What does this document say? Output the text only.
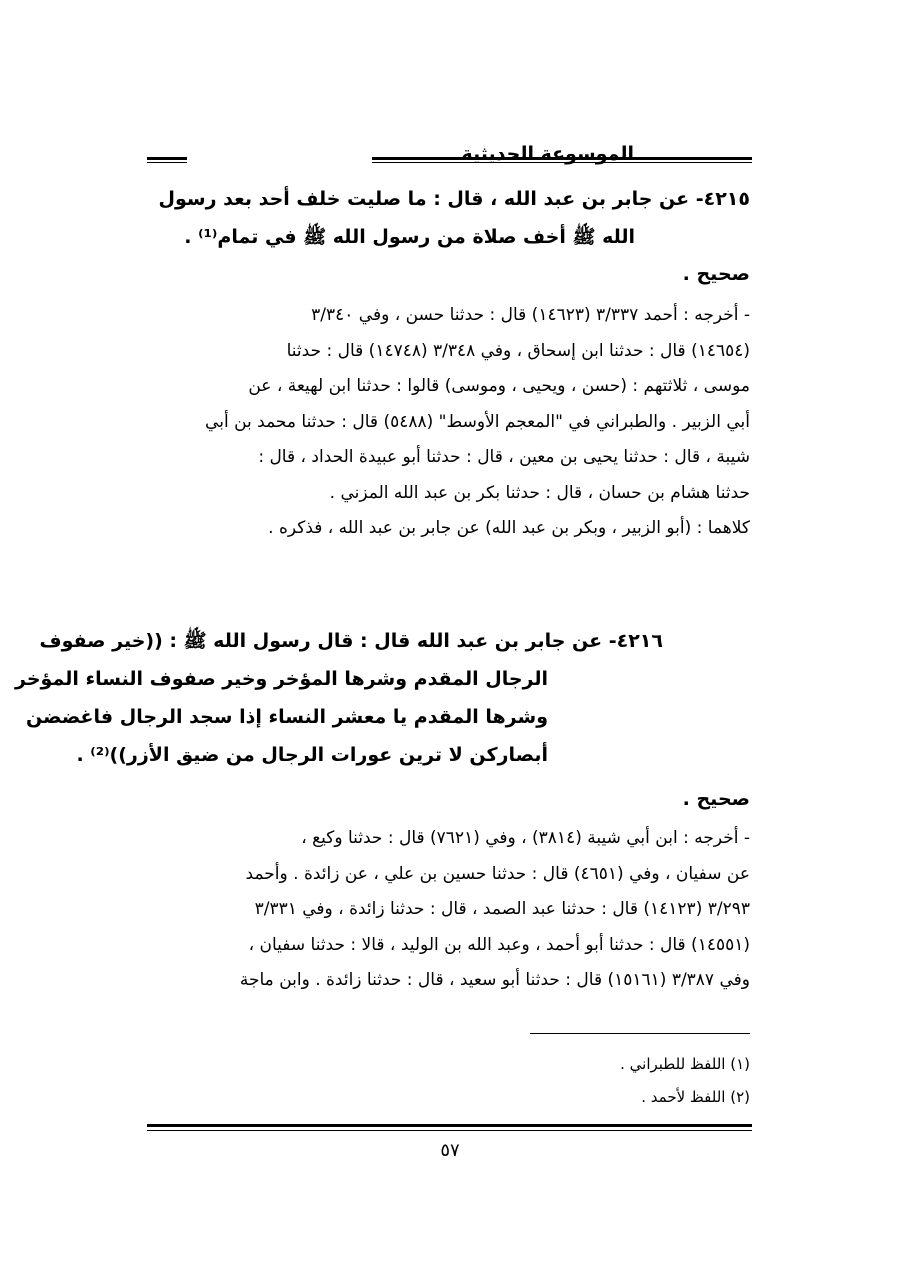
الموسوعة الحديثية
٤٢١٥- عن جابر بن عبد الله ، قال : ما صليت خلف أحد بعد رسول
الله ﷺ أخف صلاة من رسول الله ﷺ في تمام⁽¹⁾ .
صحيح .
- أخرجه : أحمد ٣/٣٣٧ (١٤٦٢٣) قال : حدثنا حسن ، وفي ٣/٣٤٠
(١٤٦٥٤) قال : حدثنا ابن إسحاق ، وفي ٣/٣٤٨ (١٤٧٤٨) قال : حدثنا
موسى ، ثلاثتهم : (حسن ، ويحيى ، وموسى) قالوا : حدثنا ابن لهيعة ، عن
أبي الزبير . والطبراني في "المعجم الأوسط" (٥٤٨٨) قال : حدثنا محمد بن أبي
شيبة ، قال : حدثنا يحيى بن معين ، قال : حدثنا أبو عبيدة الحداد ، قال :
حدثنا هشام بن حسان ، قال : حدثنا بكر بن عبد الله المزني .
كلاهما : (أبو الزبير ، وبكر بن عبد الله) عن جابر بن عبد الله ، فذكره .
٤٢١٦- عن جابر بن عبد الله قال : قال رسول الله ﷺ : ((خير صفوف
الرجال المقدم وشرها المؤخر وخير صفوف النساء المؤخر
وشرها المقدم يا معشر النساء إذا سجد الرجال فاغضضن
أبصاركن لا ترين عورات الرجال من ضيق الأزر))⁽²⁾ .
صحيح .
- أخرجه : ابن أبي شيبة (٣٨١٤) ، وفي (٧٦٢١) قال : حدثنا وكيع ،
عن سفيان ، وفي (٤٦٥١) قال : حدثنا حسين بن علي ، عن زائدة . وأحمد
٣/٢٩٣ (١٤١٢٣) قال : حدثنا عبد الصمد ، قال : حدثنا زائدة ، وفي ٣/٣٣١
(١٤٥٥١) قال : حدثنا أبو أحمد ، وعبد الله بن الوليد ، قالا : حدثنا سفيان ،
وفي ٣/٣٨٧ (١٥١٦١) قال : حدثنا أبو سعيد ، قال : حدثنا زائدة . وابن ماجة
(١) اللفظ للطبراني .
(٢) اللفظ لأحمد .
٥٧
